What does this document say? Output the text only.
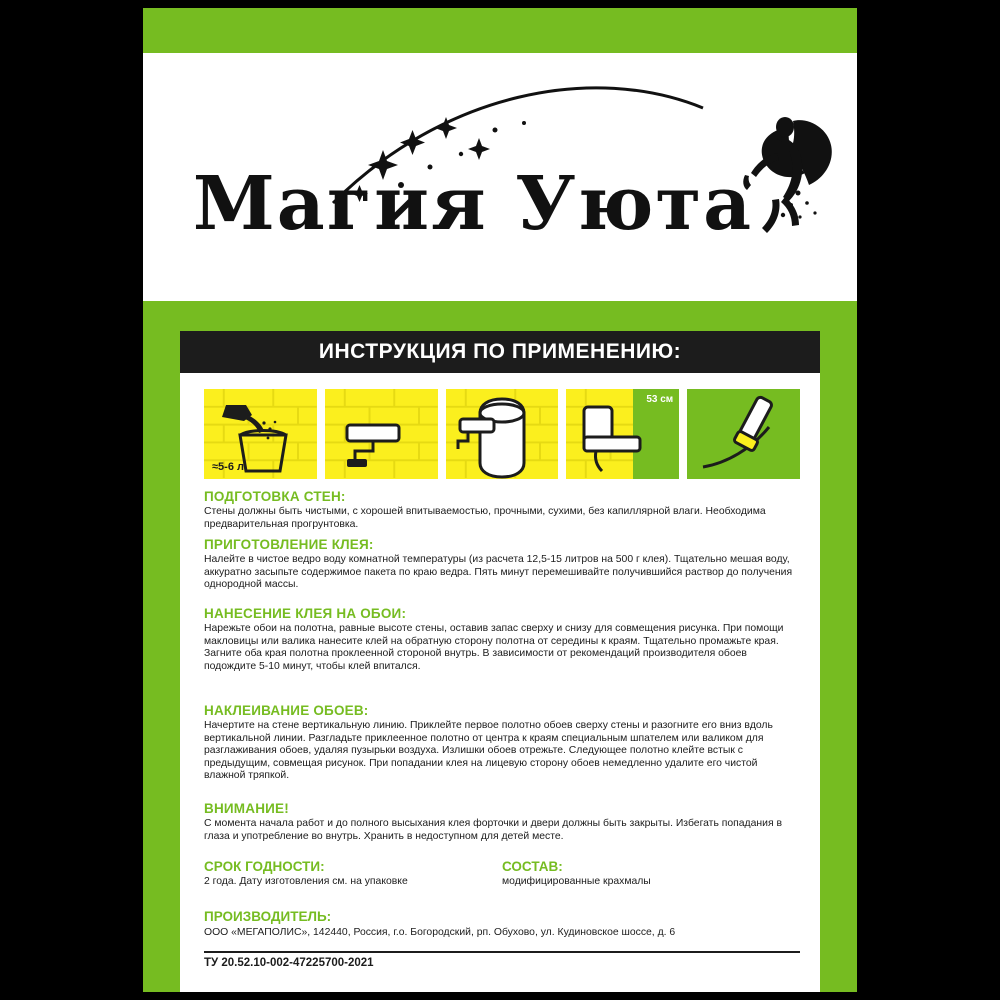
Магия Уюта
ИНСТРУКЦИЯ ПО ПРИМЕНЕНИЮ:
≈5-6 л
53 см
ПОДГОТОВКА СТЕН:

Стены должны быть чистыми, с хорошей впитываемостью, прочными, сухими, без капиллярной влаги. Необходима предварительная прогрунтовка.

ПРИГОТОВЛЕНИЕ КЛЕЯ:

Налейте в чистое ведро воду комнатной температуры (из расчета 12,5-15 литров на 500 г клея). Тщательно мешая воду, аккуратно засыпьте содержимое пакета по краю ведра. Пять минут перемешивайте получившийся раствор до получения однородной массы.

НАНЕСЕНИЕ КЛЕЯ НА ОБОИ:

Нарежьте обои на полотна, равные высоте стены, оставив запас сверху и снизу для совмещения рисунка. При помощи макловицы или валика нанесите клей на обратную сторону полотна от середины к краям. Тщательно промажьте края. Загните оба края полотна проклеенной стороной внутрь. В зависимости от рекомендаций производителя обоев подождите 5-10 минут, чтобы клей впитался.

НАКЛЕИВАНИЕ ОБОЕВ:

Начертите на стене вертикальную линию. Приклейте первое полотно обоев сверху стены и разогните его вниз вдоль вертикальной линии. Разгладьте приклеенное полотно от центра к краям специальным шпателем или валиком для разглаживания обоев, удаляя пузырьки воздуха. Излишки обоев отрежьте. Следующее полотно клейте встык с предыдущим, совмещая рисунок. При попадании клея на лицевую сторону обоев немедленно удалите его чистой влажной тряпкой.

ВНИМАНИЕ!

С момента начала работ и до полного высыхания клея форточки и двери должны быть закрыты. Избегать попадания в глаза и употребление во внутрь. Хранить в недоступном для детей месте.

СРОК ГОДНОСТИ:

2 года. Дату изготовления см. на упаковке

СОСТАВ:

модифицированные крахмалы

ПРОИЗВОДИТЕЛЬ:

ООО «МЕГАПОЛИС», 142440, Россия, г.о. Богородский, рп. Обухово, ул. Кудиновское шоссе, д. 6

ТУ 20.52.10-002-47225700-2021
